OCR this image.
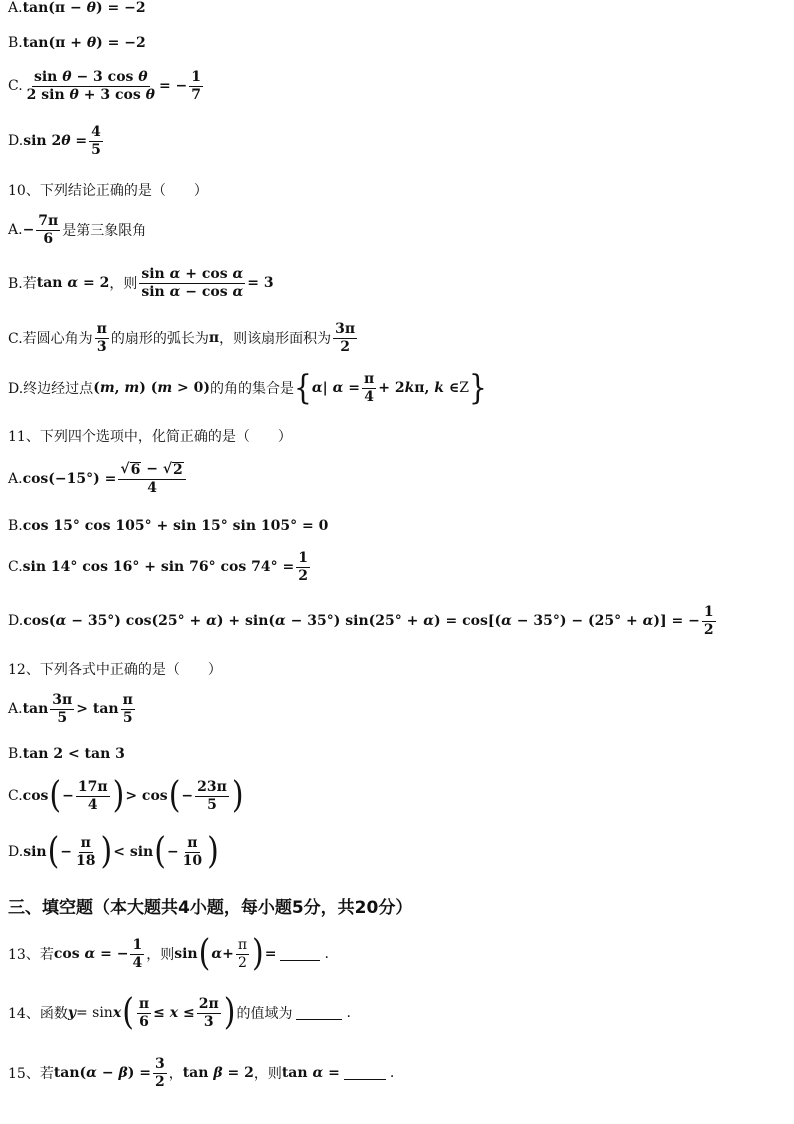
A. tan(π − θ) = −2
B. tan(π + θ) = −2
C. $\frac{\text{sin θ − 3 cos θ}}{\text{2 sin θ + 3 cos θ}}$ = − $\frac{1}{7}$
D. $\sin 2\theta = \frac{4}{5}$
10、下列结论正确的是（　　）
A. − $\frac{7\pi}{6}$ 是第三象限角
B.若 tan α = 2 ，则 $\frac{\text{sin α + cos α}}{\text{sin α − cos α}} = 3$
C.若圆心角为 $\frac{\pi}{3}$ 的扇形的弧长为 π ，则该扇形面积为 $\frac{3\pi}{2}$
D.终边经过点 (m, m) (m > 0) 的角的集合是 { α| $\alpha = \frac{\pi}{4} + 2k\pi$, k ∈ Z }
11、下列四个选项中，化简正确的是（　　）
A. $\cos(-15^\circ) = \frac{√ 6 - √ 2}{4}$
B. cos 15° cos 105° + sin 15° sin 105° = 0
C. sin 14° cos 16° + sin 76° $\cos 74^\circ = \frac{1}{2}$
D. cos(α − 35°) cos(25° + α) + sin(α − 35°) sin(25° + α) = cos[(α − 35°) − (25° + α)] = − $\frac{1}{2}$
12、下列各式中正确的是（　　）
A. $\tan \frac{3\pi}{5} > \tan \frac{\pi}{5}$
B. tan 2 < tan 3
C. cos ( − $\frac{17\pi}{4}$ ) > cos ( − $\frac{23\pi}{5}$ )
D. sin ( − $\frac{\pi}{18}$ ) < sin ( − $\frac{\pi}{10}$ )
三、填空题（本大题共4小题，每小题5分，共20分）
13、若 cos α = − $\frac{1}{4}$ ，则 sin ( $\alpha + \frac{\pi}{2}$ ) =	.
14、函数 y = sin x ( $\frac{\pi}{6} \le x \le \frac{2\pi}{3}$ ) 的值域为	.
15、若 $\tan(\alpha - \beta) = \frac{3}{2}$ ， tan β = 2 ，则 tan α =	.
